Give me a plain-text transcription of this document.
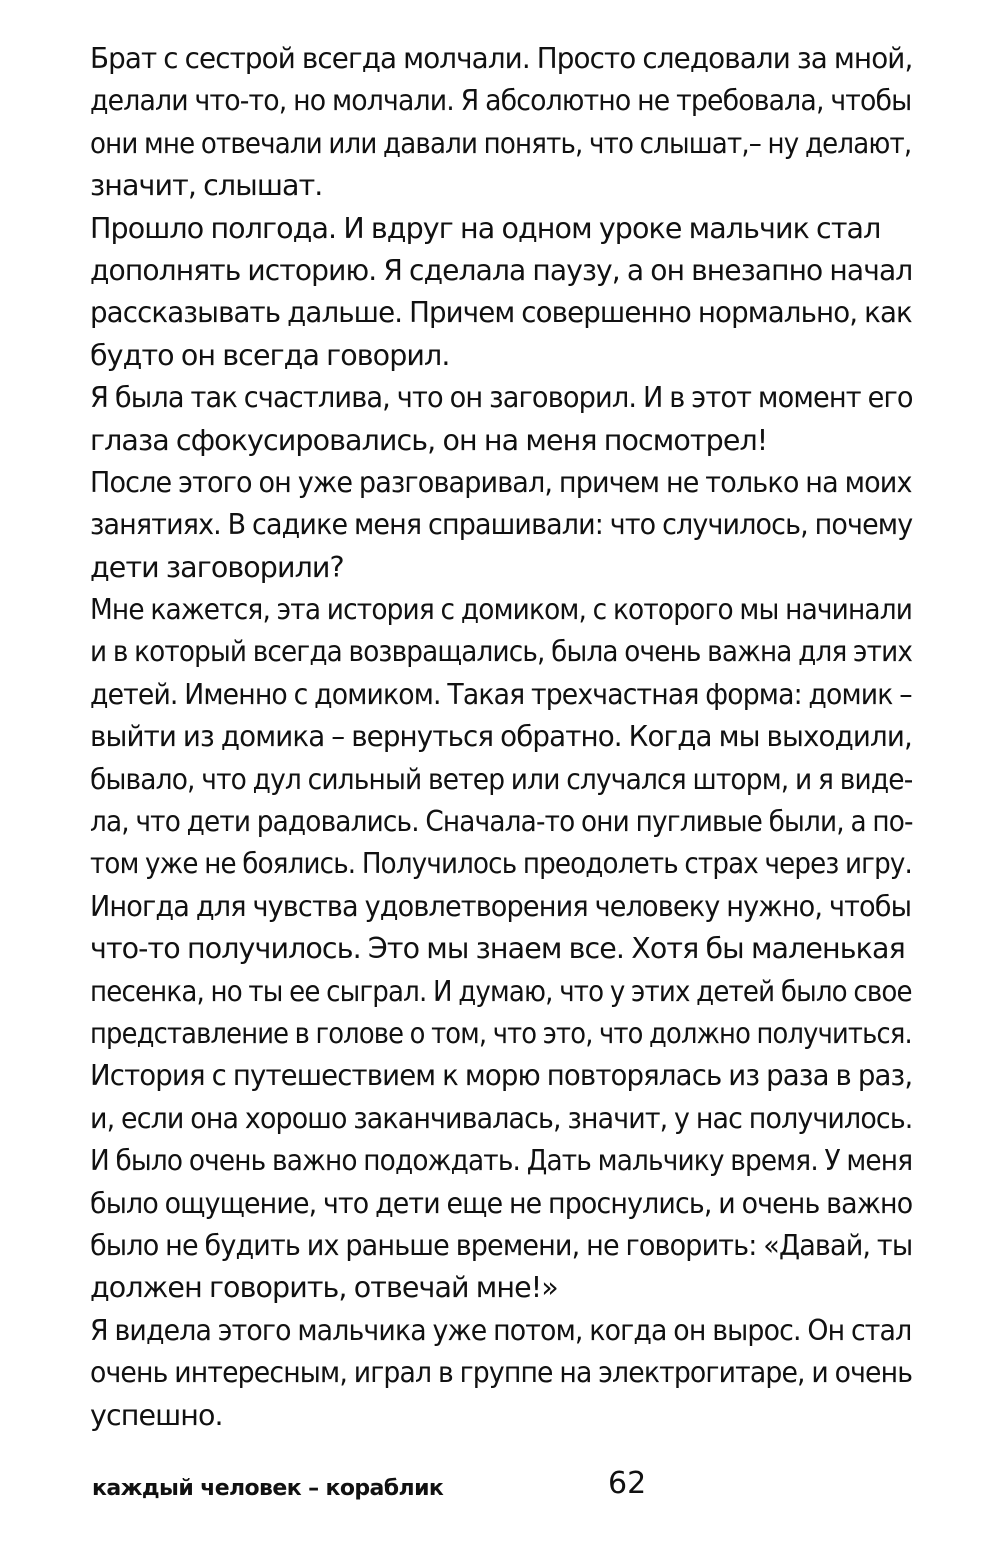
Брат с сестрой всегда молчали. Просто следовали за мной,
делали что-то, но молчали. Я абсолютно не требовала, чтобы
они мне отвечали или давали понять, что слышат,– ну делают,
значит, слышат.
Прошло полгода. И вдруг на одном уроке мальчик стал
дополнять историю. Я сделала паузу, а он внезапно начал
рассказывать дальше. Причем совершенно нормально, как
будто он всегда говорил.
Я была так счастлива, что он заговорил. И в этот момент его
глаза сфокусировались, он на меня посмотрел!
После этого он уже разговаривал, причем не только на моих
занятиях. В садике меня спрашивали: что случилось, почему
дети заговорили?
Мне кажется, эта история с домиком, с которого мы начинали
и в который всегда возвращались, была очень важна для этих
детей. Именно с домиком. Такая трехчастная форма: домик –
выйти из домика – вернуться обратно. Когда мы выходили,
бывало, что дул сильный ветер или случался шторм, и я виде-
ла, что дети радовались. Сначала-то они пугливые были, а по-
том уже не боялись. Получилось преодолеть страх через игру.
Иногда для чувства удовлетворения человеку нужно, чтобы
что-то получилось. Это мы знаем все. Хотя бы маленькая
песенка, но ты ее сыграл. И думаю, что у этих детей было свое
представление в голове о том, что это, что должно получиться.
История с путешествием к морю повторялась из раза в раз,
и, если она хорошо заканчивалась, значит, у нас получилось.
И было очень важно подождать. Дать мальчику время. У меня
было ощущение, что дети еще не проснулись, и очень важно
было не будить их раньше времени, не говорить: «Давай, ты
должен говорить, отвечай мне!»
Я видела этого мальчика уже потом, когда он вырос. Он стал
очень интересным, играл в группе на электрогитаре, и очень
успешно.
каждый человек – кораблик	62
